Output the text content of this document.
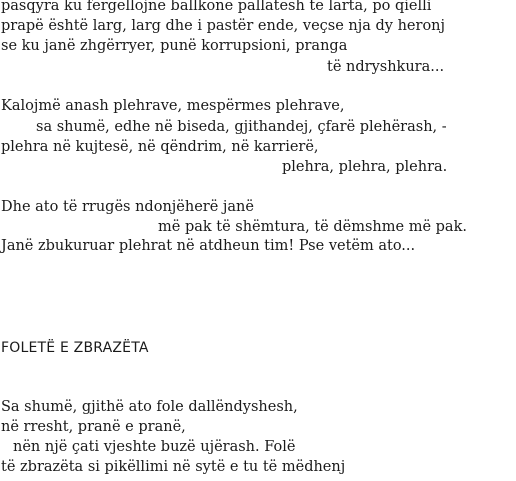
pasqyra ku fërgëllojnë ballkone pallatesh të larta, po qielli
prapë është larg, larg dhe i pastër ende, veçse nja dy heronj
se ku janë zhgërryer, punë korrupsioni, pranga
të ndryshkura...
Kalojmë anash plehrave, mespërmes plehrave,
sa shumë, edhe në biseda, gjithandej, çfarë plehërash, -
plehra në kujtesë, në qëndrim, në karrierë,
plehra, plehra, plehra.
Dhe ato të rrugës ndonjëherë janë
më pak të shëmtura, të dëmshme më pak.
Janë zbukuruar plehrat në atdheun tim! Pse vetëm ato...
FOLETË E ZBRAZËTA
Sa shumë, gjithë ato fole dallëndyshesh,
në rresht, pranë e pranë,
nën një çati vjeshte buzë ujërash. Folë
të zbrazëta si pikëllimi në sytë e tu të mëdhenj
